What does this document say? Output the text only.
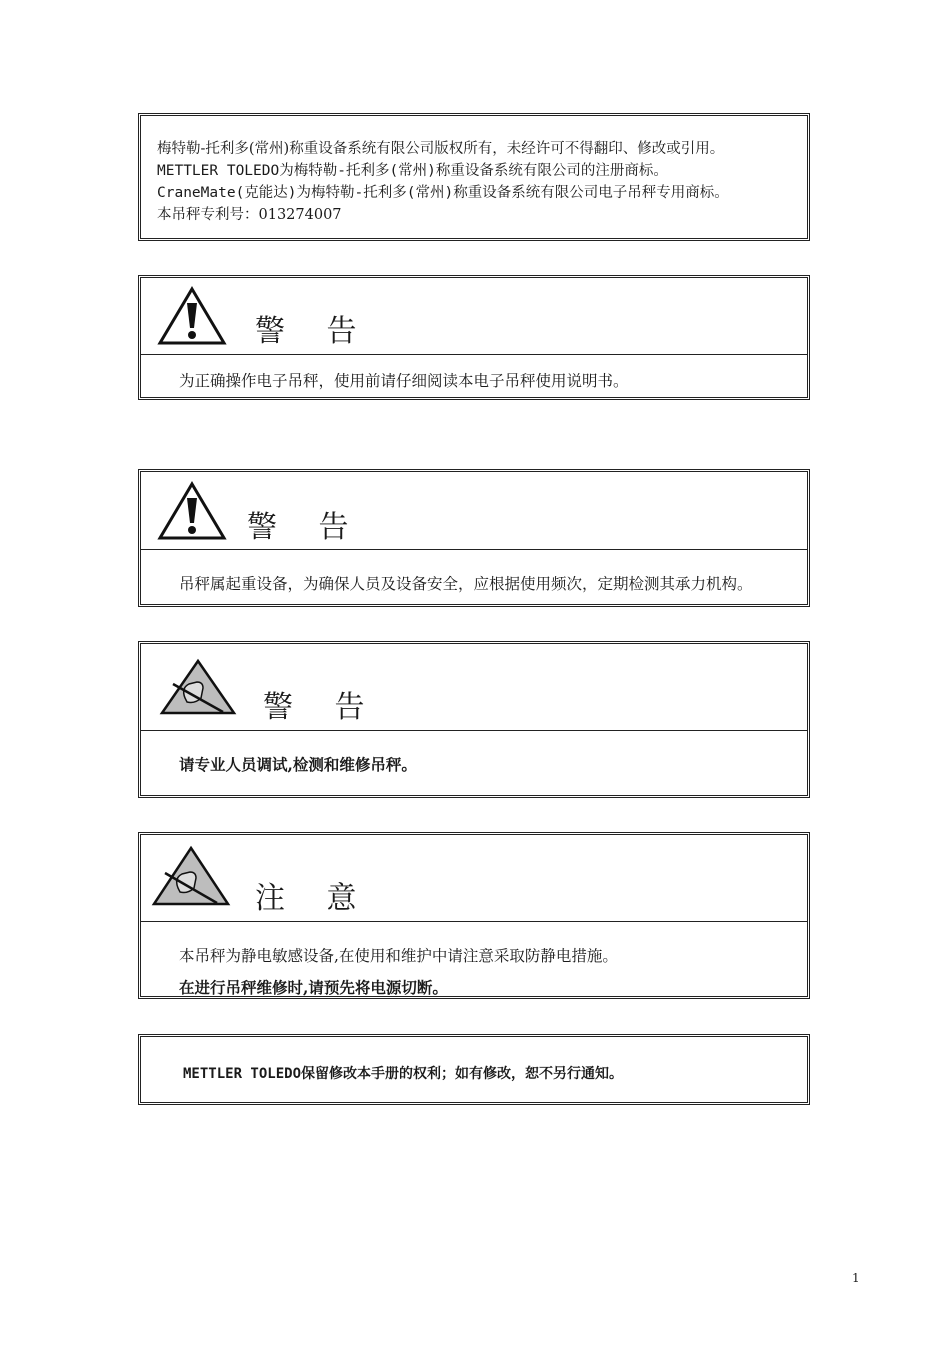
梅特勒-托利多(常州)称重设备系统有限公司版权所有，未经许可不得翻印、修改或引用。
METTLER TOLEDO为梅特勒-托利多(常州)称重设备系统有限公司的注册商标。
CraneMate(克能达)为梅特勒-托利多(常州)称重设备系统有限公司电子吊秤专用商标。
本吊秤专利号：013274007
警 告
为正确操作电子吊秤，使用前请仔细阅读本电子吊秤使用说明书。
警 告
吊秤属起重设备，为确保人员及设备安全，应根据使用频次，定期检测其承力机构。
警 告
请专业人员调试,检测和维修吊秤。
注 意
本吊秤为静电敏感设备,在使用和维护中请注意采取防静电措施。
在进行吊秤维修时,请预先将电源切断。
METTLER TOLEDO保留修改本手册的权利；如有修改，恕不另行通知。
1
